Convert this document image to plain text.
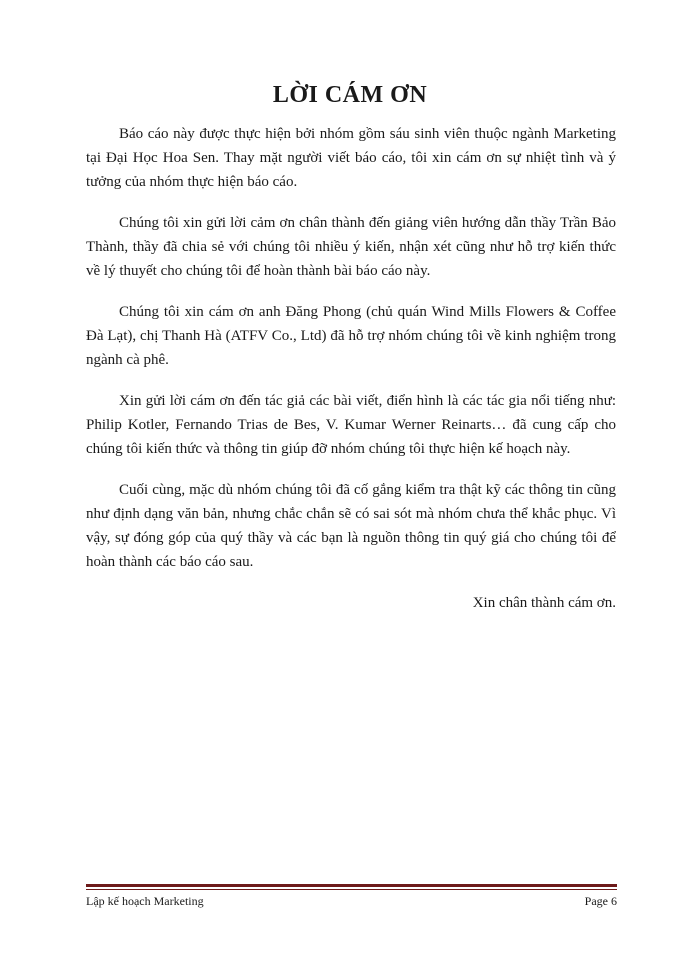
LỜI CÁM ƠN

Báo cáo này được thực hiện bởi nhóm gồm sáu sinh viên thuộc ngành Marketing tại Đại Học Hoa Sen. Thay mặt người viết báo cáo, tôi xin cám ơn sự nhiệt tình và ý tưởng của nhóm thực hiện báo cáo.

Chúng tôi xin gửi lời cảm ơn chân thành đến giảng viên hướng dẫn thầy Trần Bảo Thành, thầy đã chia sẻ với chúng tôi nhiều ý kiến, nhận xét cũng như hỗ trợ kiến thức về lý thuyết cho chúng tôi để hoàn thành bài báo cáo này.

Chúng tôi xin cám ơn anh Đăng Phong (chủ quán Wind Mills Flowers & Coffee Đà Lạt), chị Thanh Hà (ATFV Co., Ltd) đã hỗ trợ nhóm chúng tôi về kinh nghiệm trong ngành cà phê.

Xin gửi lời cám ơn đến tác giả các bài viết, điển hình là các tác gia nổi tiếng như: Philip Kotler, Fernando Trias de Bes, V. Kumar Werner Reinarts… đã cung cấp cho chúng tôi kiến thức và thông tin giúp đỡ nhóm chúng tôi thực hiện kế hoạch này.

Cuối cùng, mặc dù nhóm chúng tôi đã cố gắng kiểm tra thật kỹ các thông tin cũng như định dạng văn bản, nhưng chắc chắn sẽ có sai sót mà nhóm chưa thể khắc phục. Vì vậy, sự đóng góp của quý thầy và các bạn là nguồn thông tin quý giá cho chúng tôi để hoàn thành các báo cáo sau.

Xin chân thành cám ơn.

Lập kế hoạch Marketing	Page 6
